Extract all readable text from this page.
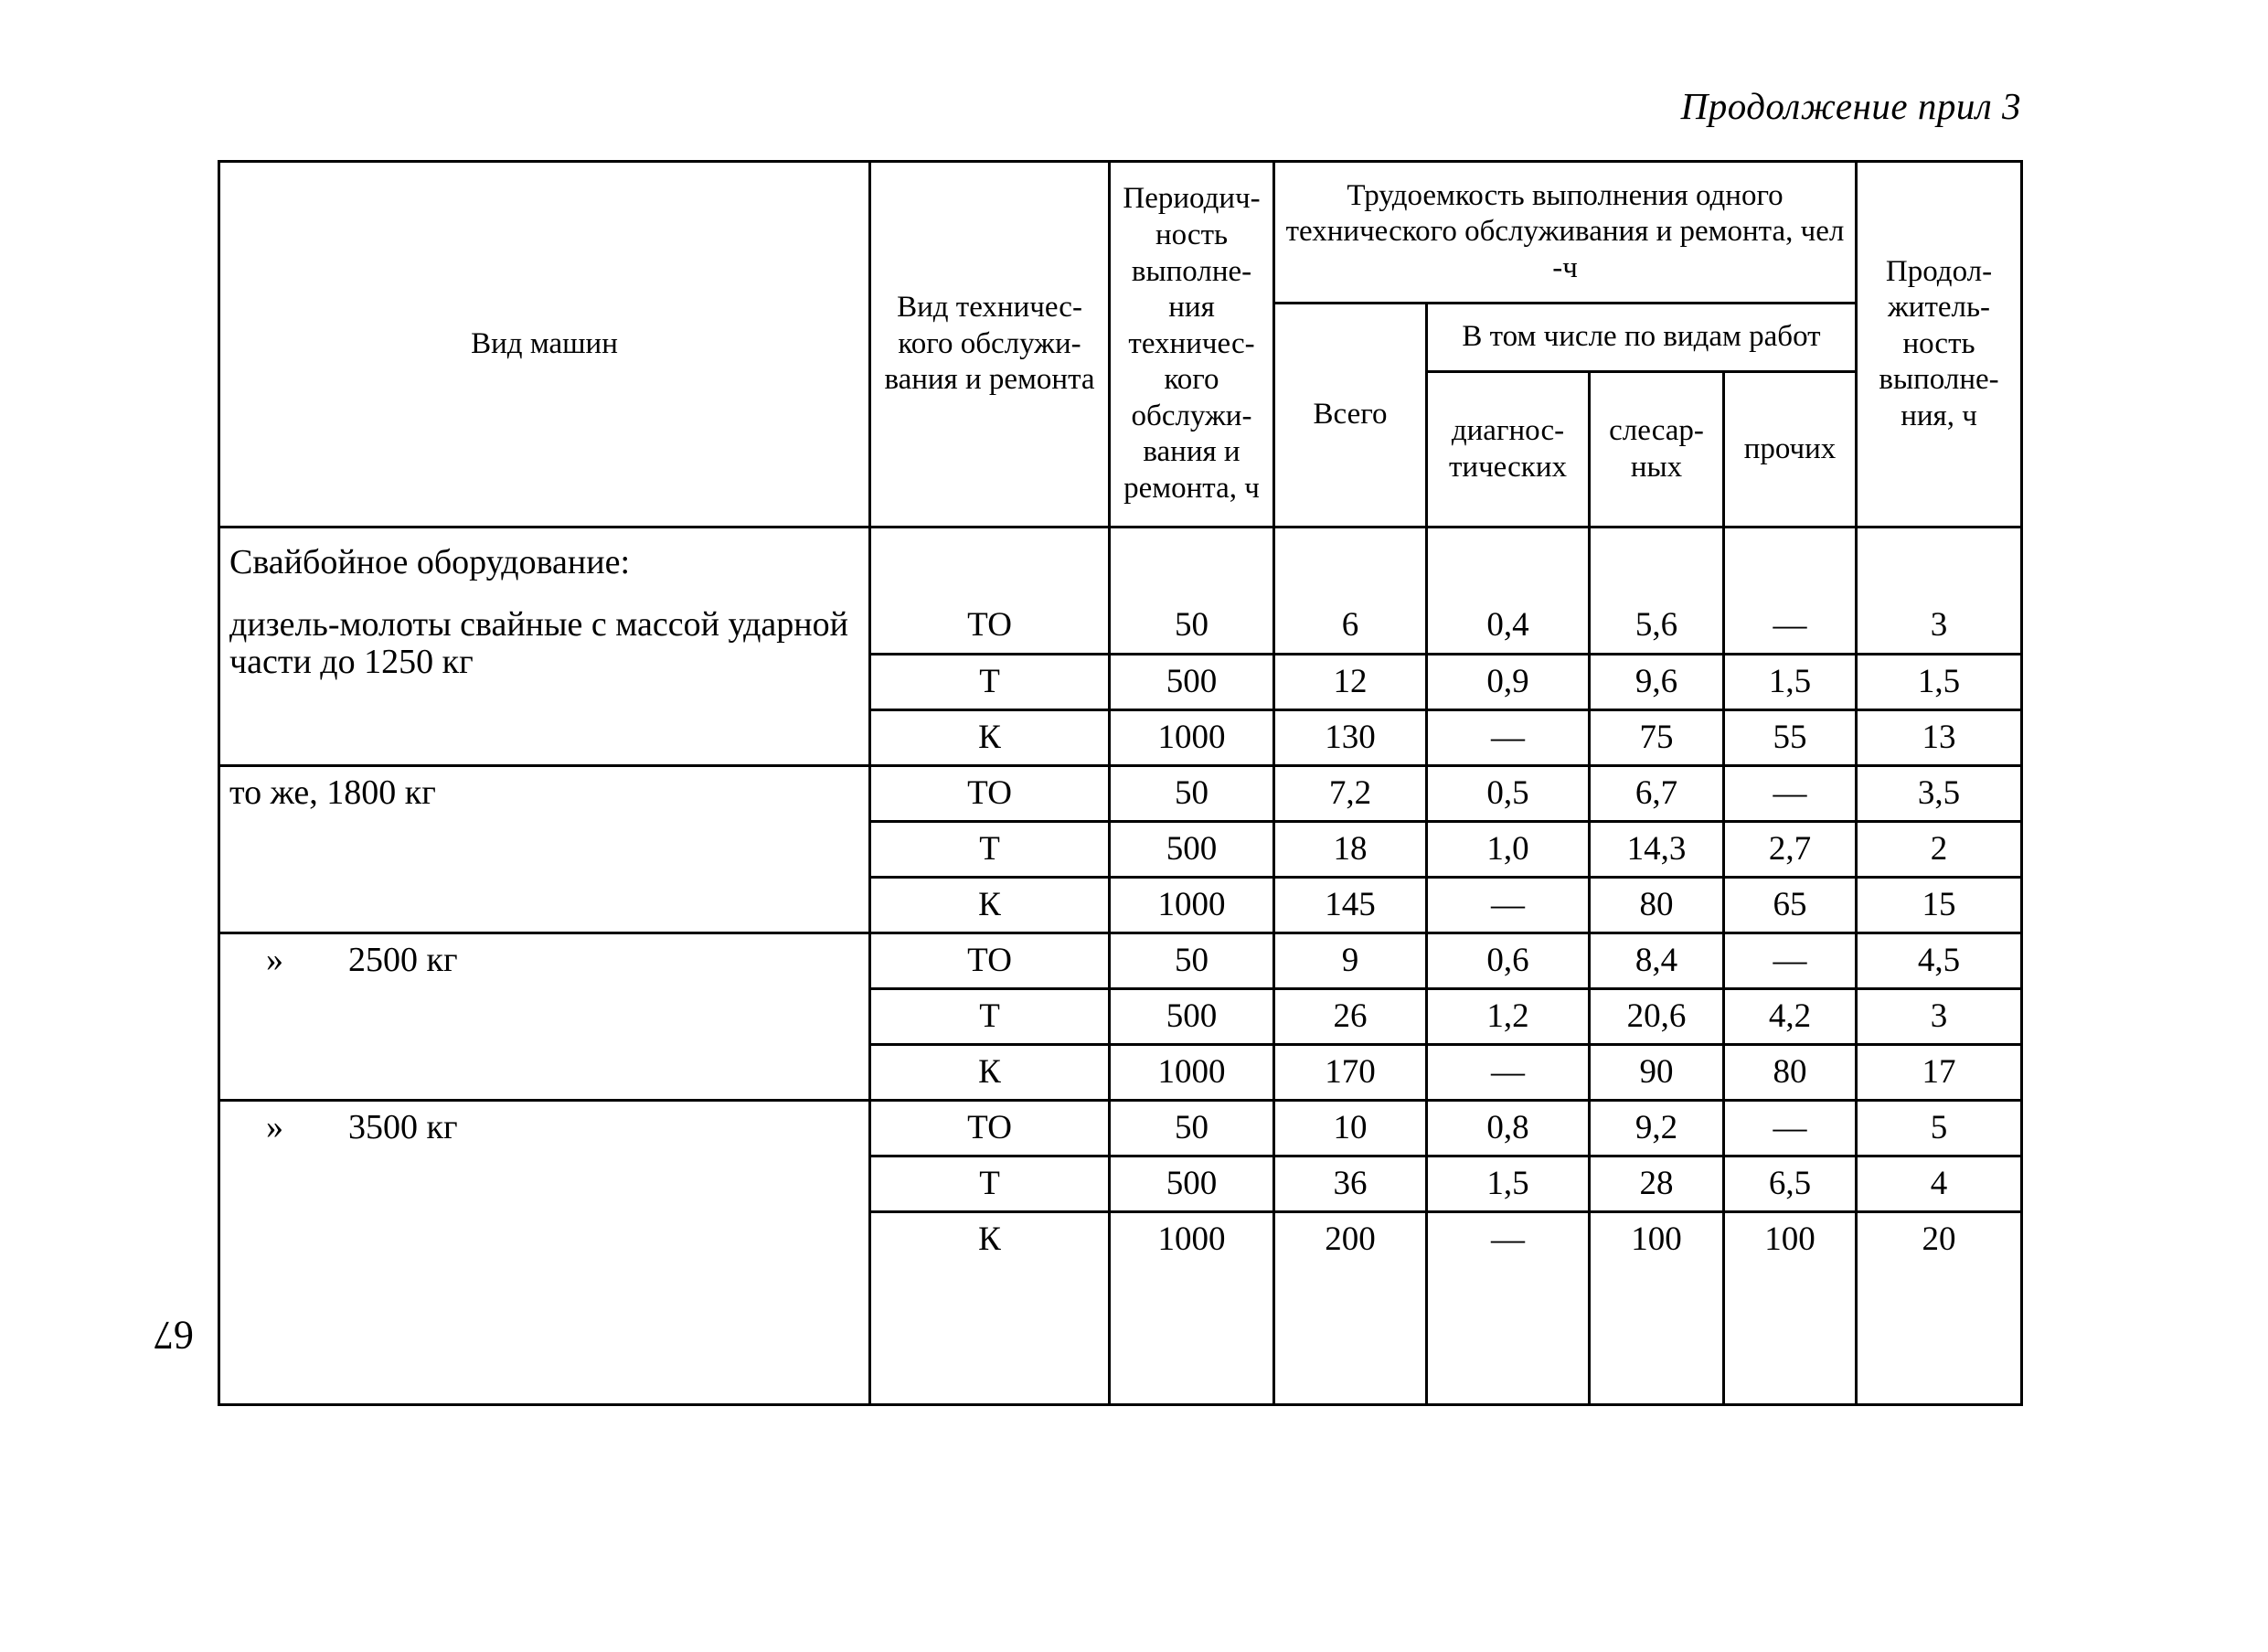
Продолжение прил 3
67
Вид машин	Вид техничес- кого обслужи- вания и ремонта	Периодич- ность выполне- ния техничес- кого обслужи- вания и ремонта, ч	Трудоемкость выполнения одного технического обслуживания и ремонта, чел -ч				Продол- житель- ность выполне- ния, ч
			Всего	В том числе по видам работ			
				диагнос- тических	слесар- ных	прочих	
Свайбойное оборудование:							
дизель-молоты свайные с массой ударной части до 1250 кг	ТО	50	6	0,4	5,6	—	3
	Т	500	12	0,9	9,6	1,5	1,5
	К	1000	130	—	75	55	13
то же, 1800 кг	ТО	50	7,2	0,5	6,7	—	3,5
	Т	500	18	1,0	14,3	2,7	2
	К	1000	145	—	80	65	15
» 2500 кг	ТО	50	9	0,6	8,4	—	4,5
	Т	500	26	1,2	20,6	4,2	3
	К	1000	170	—	90	80	17
» 3500 кг	ТО	50	10	0,8	9,2	—	5
	Т	500	36	1,5	28	6,5	4
	К	1000	200	—	100	100	20
